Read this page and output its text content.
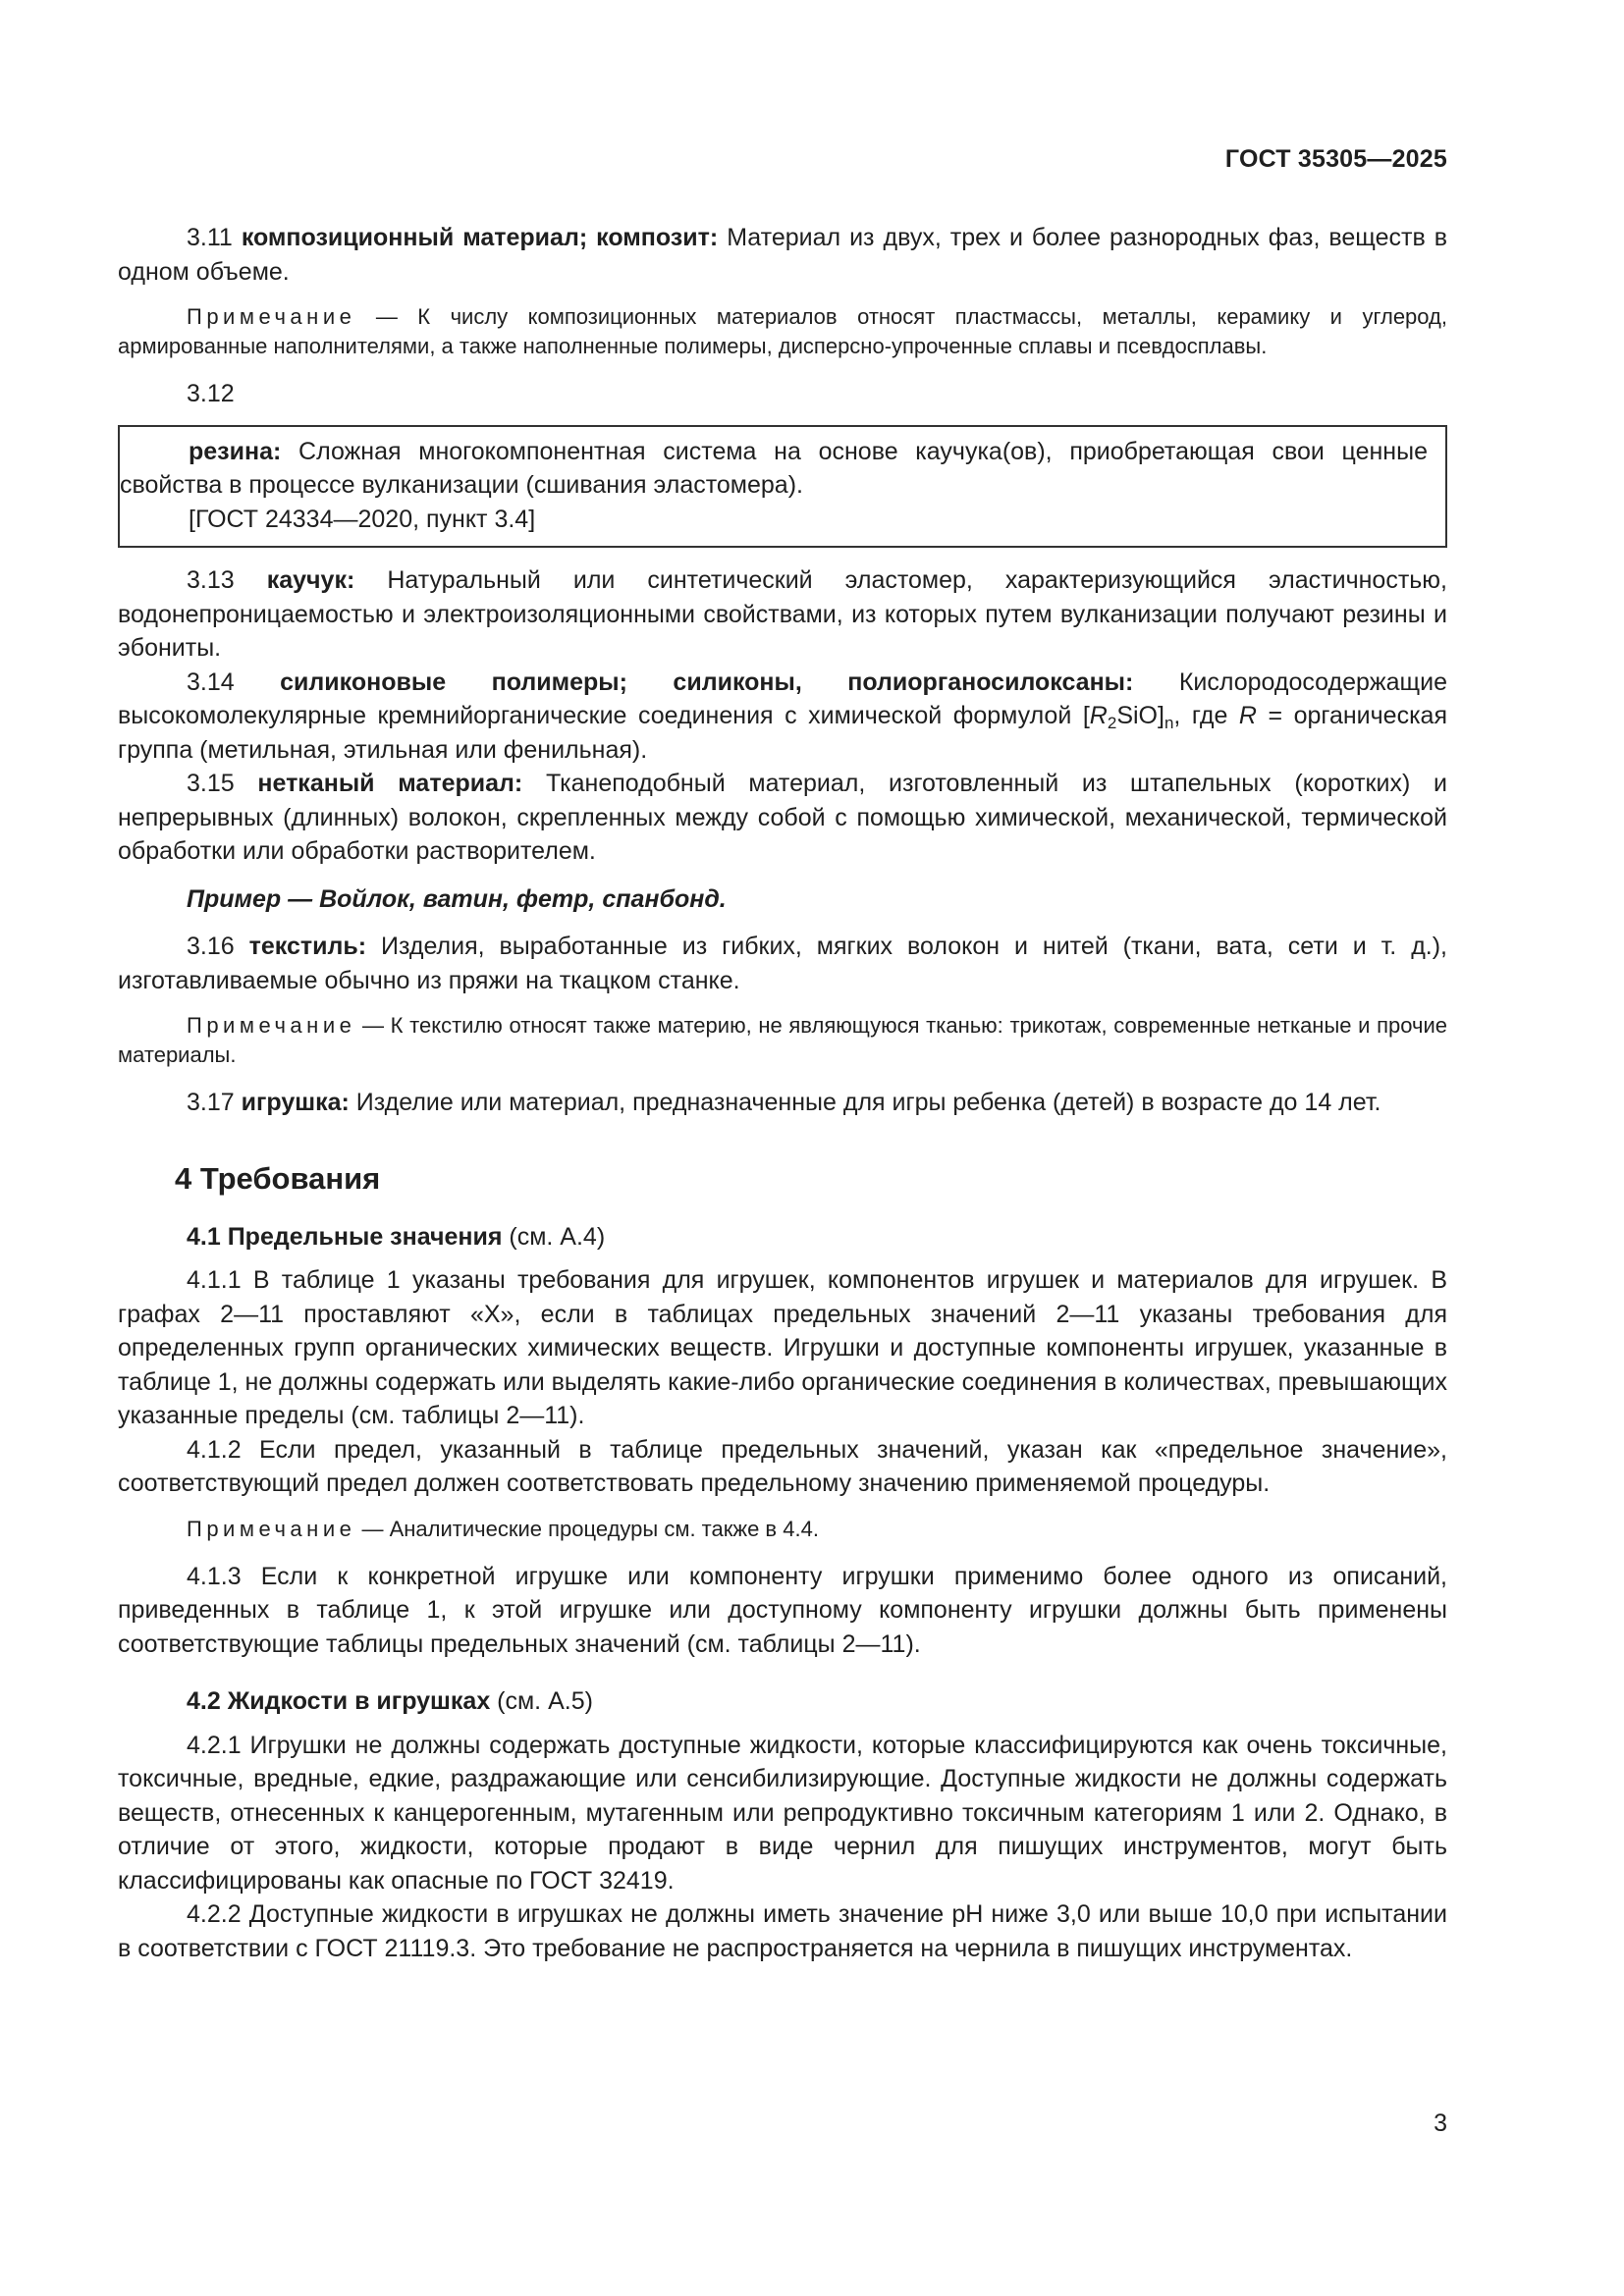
ГОСТ 35305—2025

3.11 композиционный материал; композит: Материал из двух, трех и более разнородных фаз, веществ в одном объеме.

Примечание — К числу композиционных материалов относят пластмассы, металлы, керамику и углерод, армированные наполнителями, а также наполненные полимеры, дисперсно-упроченные сплавы и псевдосплавы.

3.12

резина: Сложная многокомпонентная система на основе каучука(ов), приобретающая свои ценные свойства в процессе вулканизации (сшивания эластомера).

[ГОСТ 24334—2020, пункт 3.4]

3.13 каучук: Натуральный или синтетический эластомер, характеризующийся эластичностью, водонепроницаемостью и электроизоляционными свойствами, из которых путем вулканизации получают резины и эбониты.

3.14 силиконовые полимеры; силиконы, полиорганосилоксаны: Кислородосодержащие высокомолекулярные кремнийорганические соединения с химической формулой $[R_2SiO]_n$, где R = органическая группа (метильная, этильная или фенильная).

3.15 нетканый материал: Тканеподобный материал, изготовленный из штапельных (коротких) и непрерывных (длинных) волокон, скрепленных между собой с помощью химической, механической, термической обработки или обработки растворителем.

Пример — Войлок, ватин, фетр, спанбонд.

3.16 текстиль: Изделия, выработанные из гибких, мягких волокон и нитей (ткани, вата, сети и т. д.), изготавливаемые обычно из пряжи на ткацком станке.

Примечание — К текстилю относят также материю, не являющуюся тканью: трикотаж, современные нетканые и прочие материалы.

3.17 игрушка: Изделие или материал, предназначенные для игры ребенка (детей) в возрасте до 14 лет.

4 Требования

4.1 Предельные значения (см. А.4)

4.1.1 В таблице 1 указаны требования для игрушек, компонентов игрушек и материалов для игрушек. В графах 2—11 проставляют «X», если в таблицах предельных значений 2—11 указаны требования для определенных групп органических химических веществ. Игрушки и доступные компоненты игрушек, указанные в таблице 1, не должны содержать или выделять какие-либо органические соединения в количествах, превышающих указанные пределы (см. таблицы 2—11).

4.1.2 Если предел, указанный в таблице предельных значений, указан как «предельное значение», соответствующий предел должен соответствовать предельному значению применяемой процедуры.

Примечание — Аналитические процедуры см. также в 4.4.

4.1.3 Если к конкретной игрушке или компоненту игрушки применимо более одного из описаний, приведенных в таблице 1, к этой игрушке или доступному компоненту игрушки должны быть применены соответствующие таблицы предельных значений (см. таблицы 2—11).

4.2 Жидкости в игрушках (см. А.5)

4.2.1 Игрушки не должны содержать доступные жидкости, которые классифицируются как очень токсичные, токсичные, вредные, едкие, раздражающие или сенсибилизирующие. Доступные жидкости не должны содержать веществ, отнесенных к канцерогенным, мутагенным или репродуктивно токсичным категориям 1 или 2. Однако, в отличие от этого, жидкости, которые продают в виде чернил для пишущих инструментов, могут быть классифицированы как опасные по ГОСТ 32419.

4.2.2 Доступные жидкости в игрушках не должны иметь значение pH ниже 3,0 или выше 10,0 при испытании в соответствии с ГОСТ 21119.3. Это требование не распространяется на чернила в пишущих инструментах.

3
